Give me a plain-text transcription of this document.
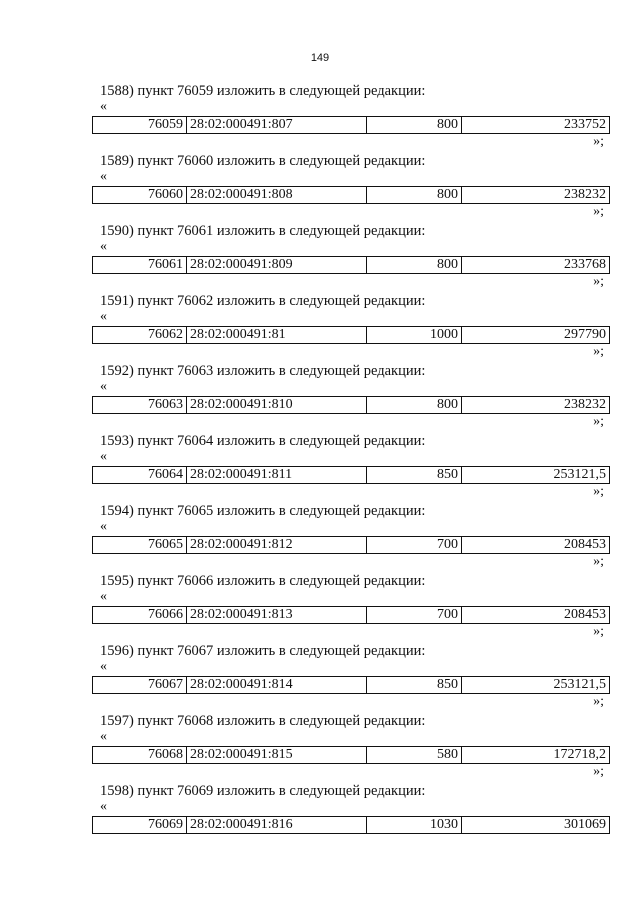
149
1588) пункт 76059 изложить в следующей редакции:
«
76059 28:02:000491:807	800	233752
»;
1589) пункт 76060 изложить в следующей редакции:
«
76060 28:02:000491:808	800	238232
»;
1590) пункт 76061 изложить в следующей редакции:
«
76061 28:02:000491:809	800	233768
»;
1591) пункт 76062 изложить в следующей редакции:
«
76062 28:02:000491:81	1000	297790
»;
1592) пункт 76063 изложить в следующей редакции:
«
76063 28:02:000491:810	800	238232
»;
1593) пункт 76064 изложить в следующей редакции:
«
76064 28:02:000491:811	850	253121,5
»;
1594) пункт 76065 изложить в следующей редакции:
«
76065 28:02:000491:812	700	208453
»;
1595) пункт 76066 изложить в следующей редакции:
«
76066 28:02:000491:813	700	208453
»;
1596) пункт 76067 изложить в следующей редакции:
«
76067 28:02:000491:814	850	253121,5
»;
1597) пункт 76068 изложить в следующей редакции:
«
76068 28:02:000491:815	580	172718,2
»;
1598) пункт 76069 изложить в следующей редакции:
«
76069 28:02:000491:816	1030	301069
